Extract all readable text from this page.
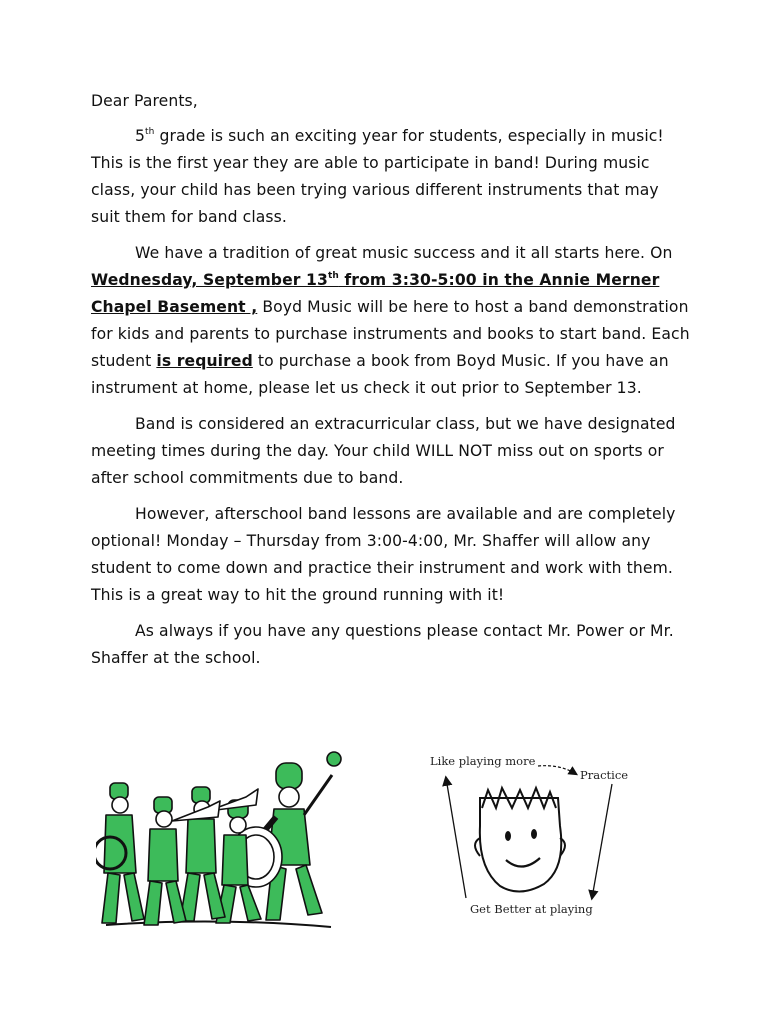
Dear Parents,

5th grade is such an exciting year for students, especially in music! This is the first year they are able to participate in band! During music class, your child has been trying various different instruments that may suit them for band class.

We have a tradition of great music success and it all starts here. On Wednesday, September 13th from 3:30-5:00 in the Annie Merner Chapel Basement , Boyd Music will be here to host a band demonstration for kids and parents to purchase instruments and books to start band. Each student is required to purchase a book from Boyd Music. If you have an instrument at home, please let us check it out prior to September 13.

Band is considered an extracurricular class, but we have designated meeting times during the day. Your child WILL NOT miss out on sports or after school commitments due to band.

However, afterschool band lessons are available and are completely optional! Monday – Thursday from 3:00-4:00, Mr. Shaffer will allow any student to come down and practice their instrument and work with them. This is a great way to hit the ground running with it!

As always if you have any questions please contact Mr. Power or Mr. Shaffer at the school.

Like playing more
Practice
Get Better at playing
